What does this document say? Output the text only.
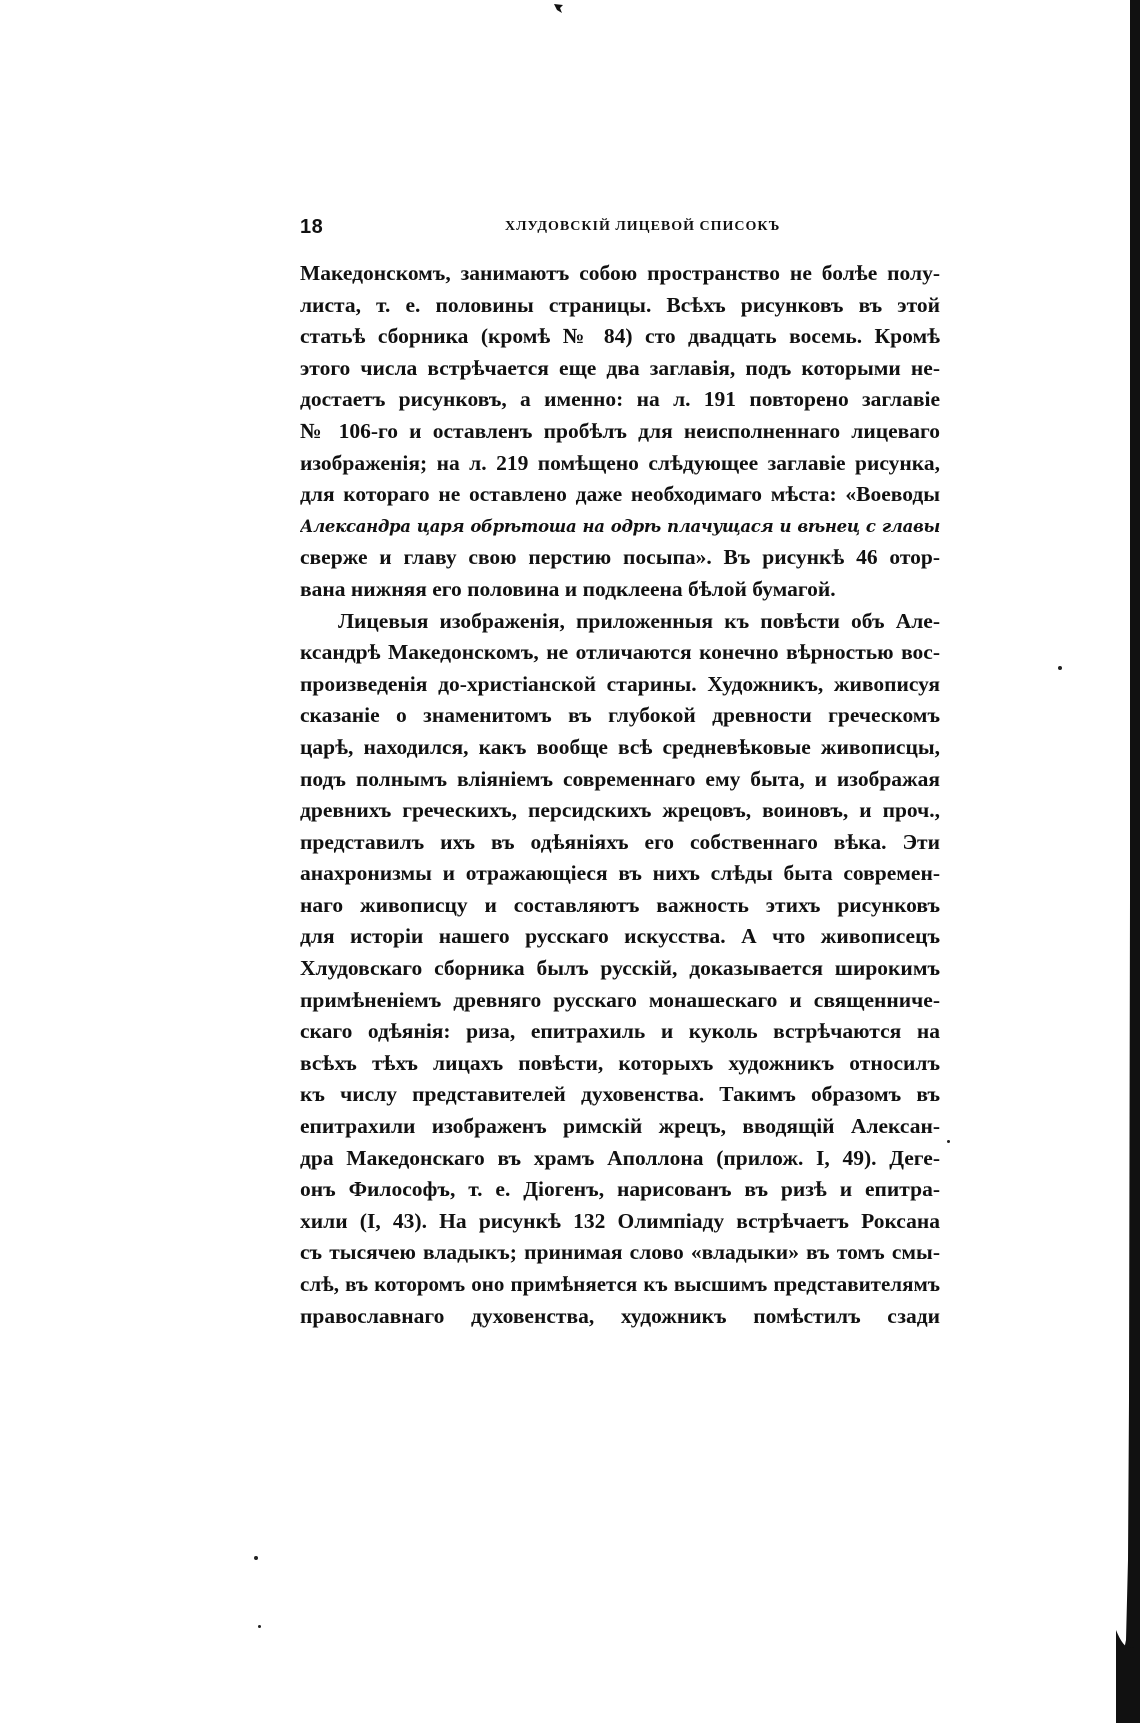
18	ХЛУДОВСКІЙ ЛИЦЕВОЙ СПИСОКЪ
Македонскомъ, занимаютъ собою пространство не болѣе полу-
листа, т. е. половины страницы. Всѣхъ рисунковъ въ этой
статьѣ сборника (кромѣ № 84) сто двадцать восемь. Кромѣ
этого числа встрѣчается еще два заглавія, подъ которыми не-
достаетъ рисунковъ, а именно: на л. 191 повторено заглавіе
№ 106-го и оставленъ пробѣлъ для неисполненнаго лицеваго
изображенія; на л. 219 помѣщено слѣдующее заглавіе рисунка,
для котораго не оставлено даже необходимаго мѣста: «Воеводы
Александра царя обрѣтоша на одрѣ плачущася и вѣнец с главы
сверже и главу свою перстию посыпа». Въ рисункѣ 46 отор-
вана нижняя его половина и подклеена бѣлой бумагой.
Лицевыя изображенія, приложенныя къ повѣсти объ Але-
ксандрѣ Македонскомъ, не отличаются конечно вѣрностью вос-
произведенія до-христіанской старины. Художникъ, живописуя
сказаніе о знаменитомъ въ глубокой древности греческомъ
царѣ, находился, какъ вообще всѣ средневѣковые живописцы,
подъ полнымъ вліяніемъ современнаго ему быта, и изображая
древнихъ греческихъ, персидскихъ жрецовъ, воиновъ, и проч.,
представилъ ихъ въ одѣяніяхъ его собственнаго вѣка. Эти
анахронизмы и отражающіеся въ нихъ слѣды быта современ-
наго живописцу и составляютъ важность этихъ рисунковъ
для исторіи нашего русскаго искусства. А что живописецъ
Хлудовскаго сборника былъ русскій, доказывается широкимъ
примѣненіемъ древняго русскаго монашескаго и священниче-
скаго одѣянія: риза, епитрахиль и куколь встрѣчаются на
всѣхъ тѣхъ лицахъ повѣсти, которыхъ художникъ относилъ
къ числу представителей духовенства. Такимъ образомъ въ
епитрахили изображенъ римскій жрецъ, вводящій Алексан-
дра Македонскаго въ храмъ Аполлона (прилож. I, 49). Деге-
онъ Философъ, т. е. Діогенъ, нарисованъ въ ризѣ и епитра-
хили (I, 43). На рисункѣ 132 Олимпіаду встрѣчаетъ Роксана
съ тысячею владыкъ; принимая слово «владыки» въ томъ смы-
слѣ, въ которомъ оно примѣняется къ высшимъ представителямъ
православнаго духовенства, художникъ помѣстилъ сзади
